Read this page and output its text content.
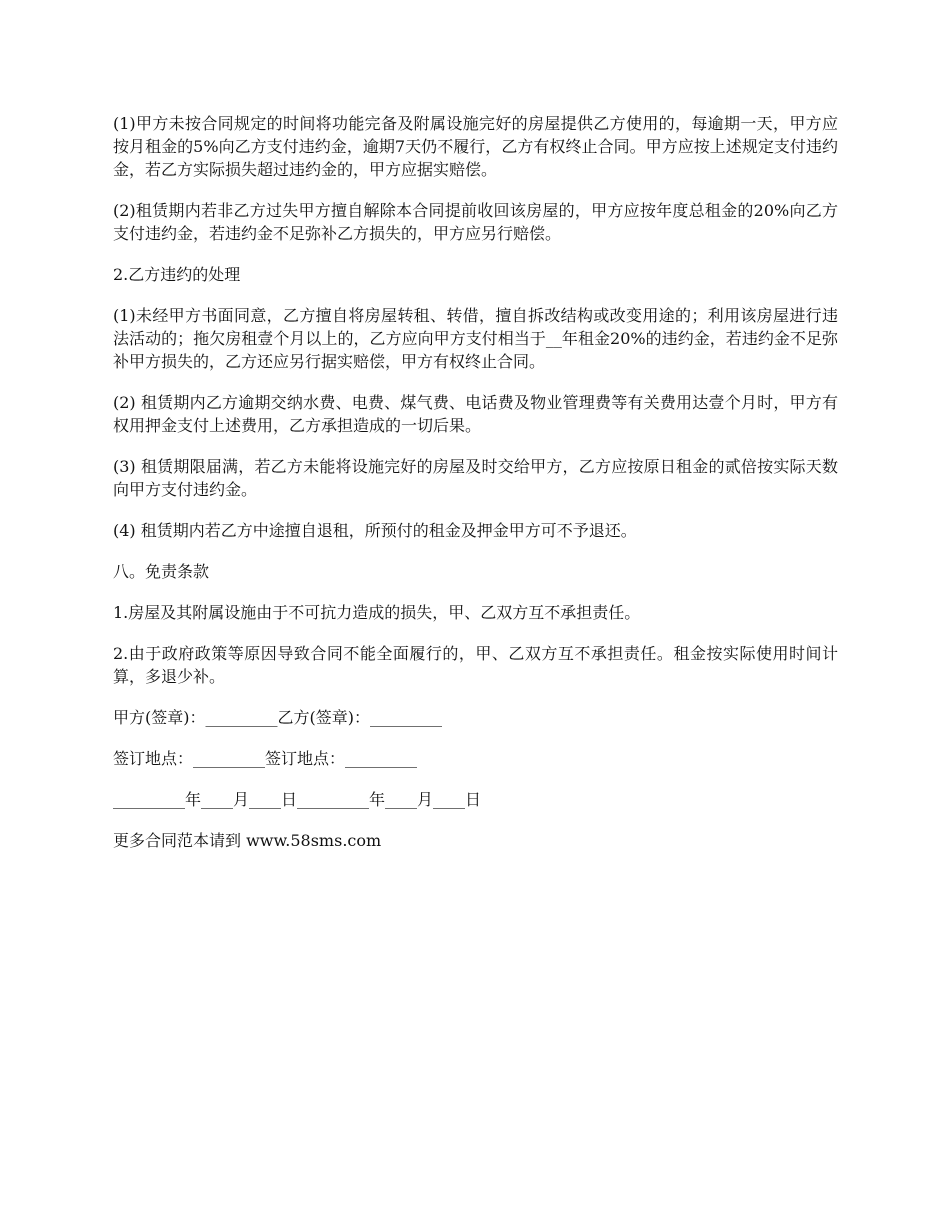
(1)甲方未按合同规定的时间将功能完备及附属设施完好的房屋提供乙方使用的，每逾期一天，甲方应按月租金的5%向乙方支付违约金，逾期7天仍不履行，乙方有权终止合同。甲方应按上述规定支付违约金，若乙方实际损失超过违约金的，甲方应据实赔偿。

(2)租赁期内若非乙方过失甲方擅自解除本合同提前收回该房屋的，甲方应按年度总租金的20%向乙方支付违约金，若违约金不足弥补乙方损失的，甲方应另行赔偿。

2.乙方违约的处理

(1)未经甲方书面同意，乙方擅自将房屋转租、转借，擅自拆改结构或改变用途的；利用该房屋进行违法活动的；拖欠房租壹个月以上的，乙方应向甲方支付相当于__年租金20%的违约金，若违约金不足弥补甲方损失的，乙方还应另行据实赔偿，甲方有权终止合同。

(2) 租赁期内乙方逾期交纳水费、电费、煤气费、电话费及物业管理费等有关费用达壹个月时，甲方有权用押金支付上述费用，乙方承担造成的一切后果。

(3) 租赁期限届满，若乙方未能将设施完好的房屋及时交给甲方，乙方应按原日租金的贰倍按实际天数向甲方支付违约金。

(4) 租赁期内若乙方中途擅自退租，所预付的租金及押金甲方可不予退还。

八。免责条款

1.房屋及其附属设施由于不可抗力造成的损失，甲、乙双方互不承担责任。

2.由于政府政策等原因导致合同不能全面履行的，甲、乙双方互不承担责任。租金按实际使用时间计算，多退少补。

甲方(签章)：_________乙方(签章)：_________

签订地点：_________签订地点：_________

_________年____月____日_________年____月____日

更多合同范本请到 www.58sms.com
